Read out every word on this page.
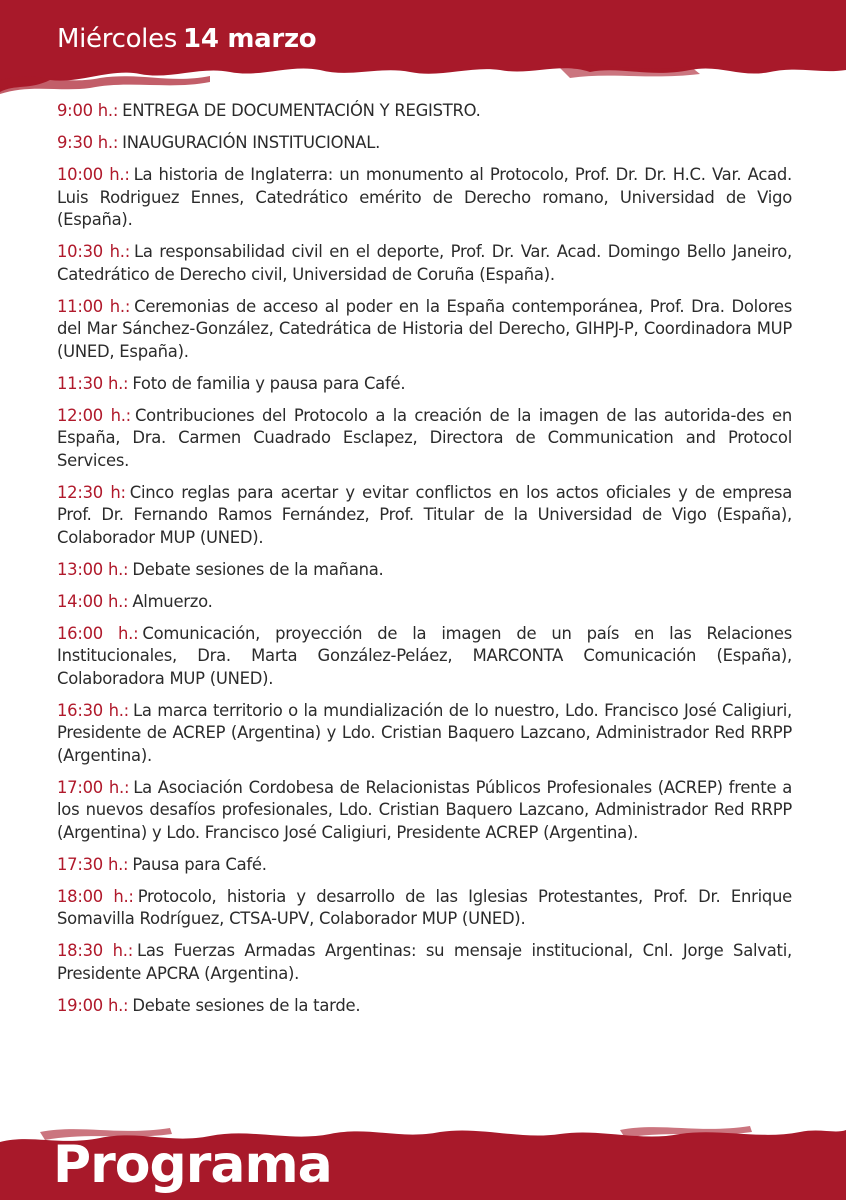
Miércoles 14 marzo

9:00 h.: ENTREGA DE DOCUMENTACIÓN Y REGISTRO.

9:30 h.: INAUGURACIÓN INSTITUCIONAL.

10:00 h.: La historia de Inglaterra: un monumento al Protocolo, Prof. Dr. Dr. H.C. Var. Acad. Luis Rodriguez Ennes, Catedrático emérito de Derecho romano, Universidad de Vigo (España).

10:30 h.: La responsabilidad civil en el deporte, Prof. Dr. Var. Acad. Domingo Bello Janeiro, Catedrático de Derecho civil, Universidad de Coruña (España).

11:00 h.: Ceremonias de acceso al poder en la España contemporánea, Prof. Dra. Dolores del Mar Sánchez-González, Catedrática de Historia del Derecho, GIHPJ-P, Coordinadora MUP (UNED, España).

11:30 h.: Foto de familia y pausa para Café.

12:00 h.: Contribuciones del Protocolo a la creación de la imagen de las autorida-des en España, Dra. Carmen Cuadrado Esclapez, Directora de Communication and Protocol Services.

12:30 h: Cinco reglas para acertar y evitar conflictos en los actos oficiales y de empresa Prof. Dr. Fernando Ramos Fernández, Prof. Titular de la Universidad de Vigo (España), Colaborador MUP (UNED).

13:00 h.: Debate sesiones de la mañana.

14:00 h.: Almuerzo.

16:00 h.: Comunicación, proyección de la imagen de un país en las Relaciones Institucionales, Dra. Marta González-Peláez, MARCONTA Comunicación (España), Colaboradora MUP (UNED).

16:30 h.: La marca territorio o la mundialización de lo nuestro, Ldo. Francisco José Caligiuri, Presidente de ACREP (Argentina) y Ldo. Cristian Baquero Lazcano, Administrador Red RRPP (Argentina).

17:00 h.: La Asociación Cordobesa de Relacionistas Públicos Profesionales (ACREP) frente a los nuevos desafíos profesionales, Ldo. Cristian Baquero Lazcano, Administrador Red RRPP (Argentina) y Ldo. Francisco José Caligiuri, Presidente ACREP (Argentina).

17:30 h.: Pausa para Café.

18:00 h.: Protocolo, historia y desarrollo de las Iglesias Protestantes, Prof. Dr. Enrique Somavilla Rodríguez, CTSA-UPV, Colaborador MUP (UNED).

18:30 h.: Las Fuerzas Armadas Argentinas: su mensaje institucional, Cnl. Jorge Salvati, Presidente APCRA (Argentina).

19:00 h.: Debate sesiones de la tarde.

Programa
